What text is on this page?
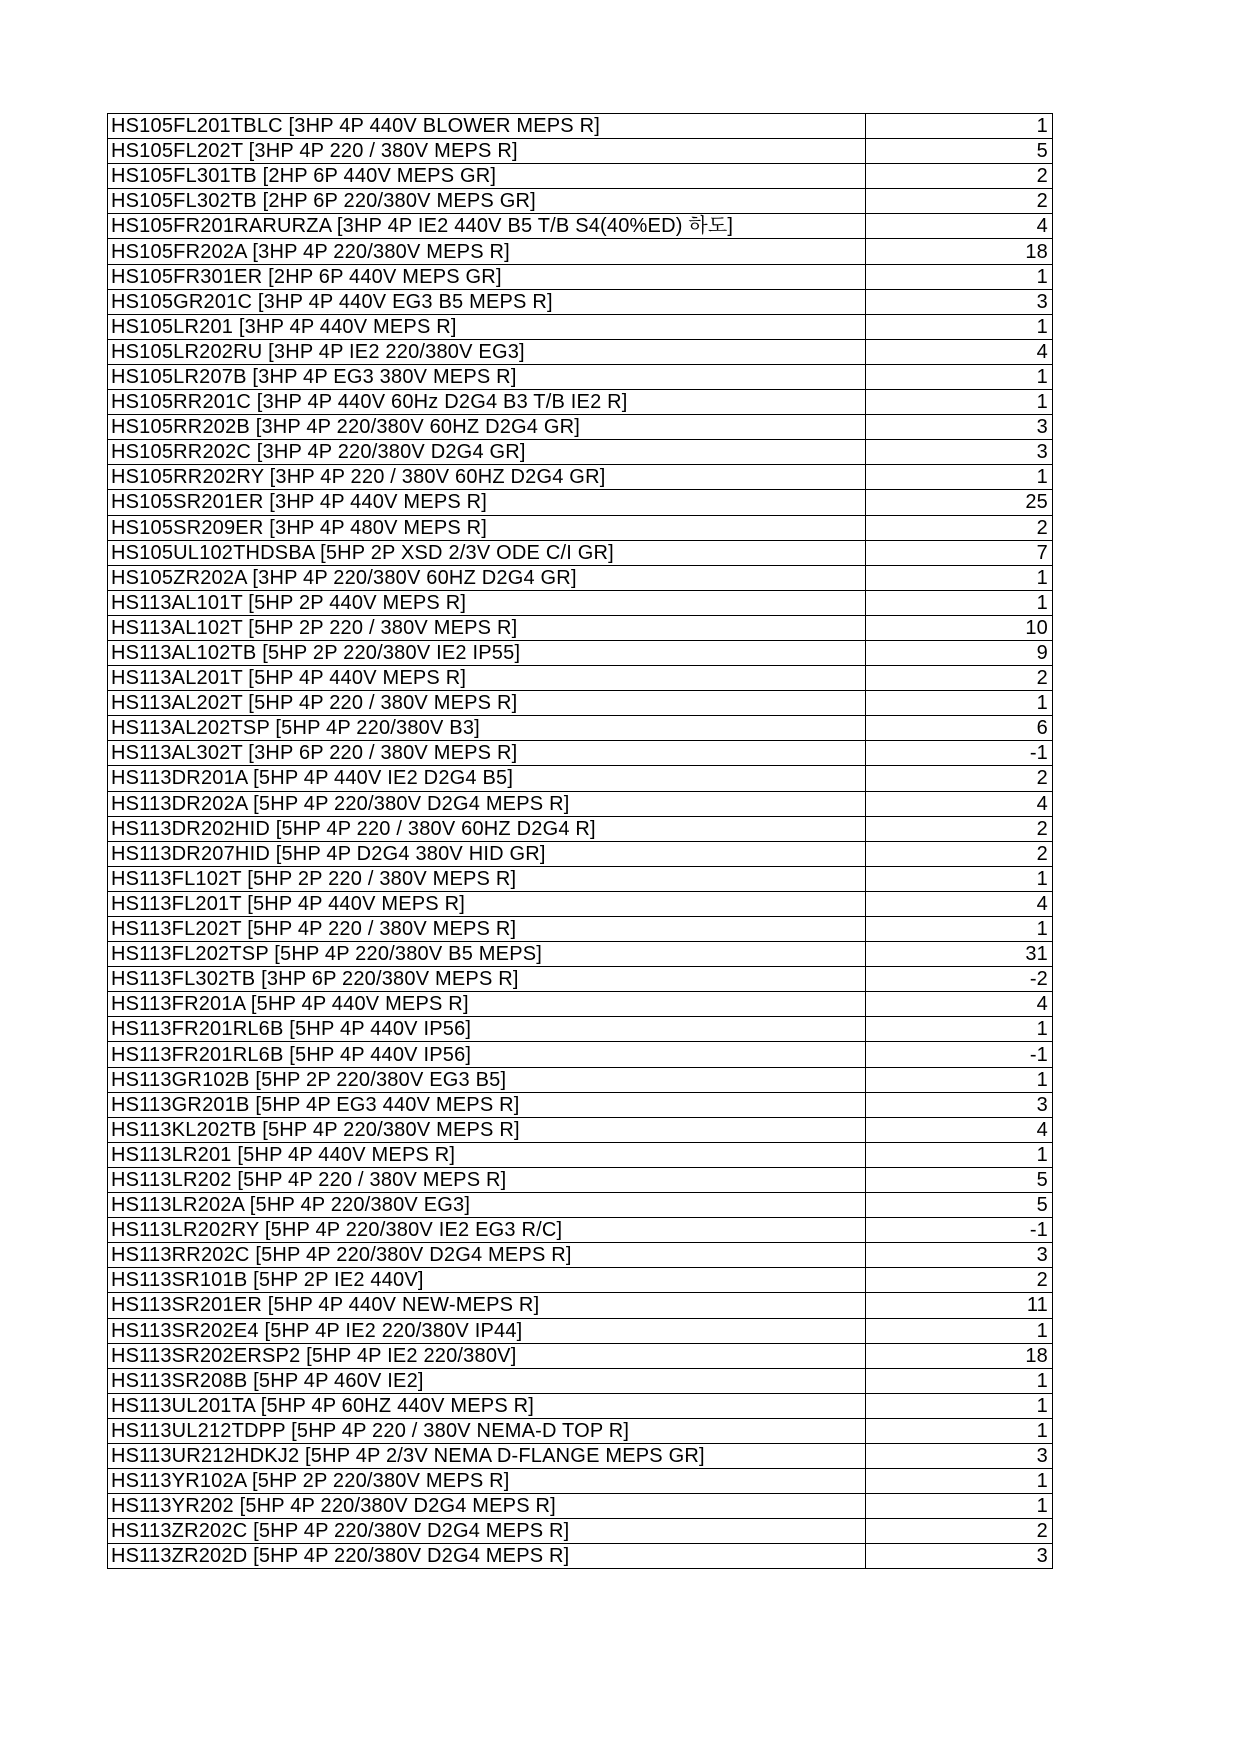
HS105FL201TBLC [3HP 4P 440V BLOWER MEPS R]	1
HS105FL202T [3HP 4P 220 / 380V MEPS R]	5
HS105FL301TB [2HP 6P 440V MEPS GR]	2
HS105FL302TB [2HP 6P 220/380V MEPS GR]	2
HS105FR201RARURZA [3HP 4P IE2 440V B5 T/B S4(40%ED) 하도]	4
HS105FR202A [3HP 4P 220/380V MEPS R]	18
HS105FR301ER [2HP 6P 440V MEPS GR]	1
HS105GR201C [3HP 4P 440V EG3 B5 MEPS R]	3
HS105LR201 [3HP 4P 440V MEPS R]	1
HS105LR202RU [3HP 4P IE2 220/380V EG3]	4
HS105LR207B [3HP 4P EG3 380V MEPS R]	1
HS105RR201C [3HP 4P 440V 60Hz D2G4 B3 T/B IE2 R]	1
HS105RR202B [3HP 4P 220/380V 60HZ D2G4 GR]	3
HS105RR202C [3HP 4P 220/380V D2G4 GR]	3
HS105RR202RY [3HP 4P 220 / 380V 60HZ D2G4 GR]	1
HS105SR201ER [3HP 4P 440V MEPS R]	25
HS105SR209ER [3HP 4P 480V MEPS R]	2
HS105UL102THDSBA [5HP 2P XSD 2/3V ODE C/I GR]	7
HS105ZR202A [3HP 4P 220/380V 60HZ D2G4 GR]	1
HS113AL101T [5HP 2P 440V MEPS R]	1
HS113AL102T [5HP 2P 220 / 380V MEPS R]	10
HS113AL102TB [5HP 2P 220/380V IE2 IP55]	9
HS113AL201T [5HP 4P 440V MEPS R]	2
HS113AL202T [5HP 4P 220 / 380V MEPS R]	1
HS113AL202TSP [5HP 4P 220/380V B3]	6
HS113AL302T [3HP 6P 220 / 380V MEPS R]	-1
HS113DR201A [5HP 4P 440V IE2 D2G4 B5]	2
HS113DR202A [5HP 4P 220/380V D2G4 MEPS R]	4
HS113DR202HID [5HP 4P 220 / 380V 60HZ D2G4 R]	2
HS113DR207HID [5HP 4P D2G4 380V HID GR]	2
HS113FL102T [5HP 2P 220 / 380V MEPS R]	1
HS113FL201T [5HP 4P 440V MEPS R]	4
HS113FL202T [5HP 4P 220 / 380V MEPS R]	1
HS113FL202TSP [5HP 4P 220/380V B5 MEPS]	31
HS113FL302TB [3HP 6P 220/380V MEPS R]	-2
HS113FR201A [5HP 4P 440V MEPS R]	4
HS113FR201RL6B [5HP 4P 440V IP56]	1
HS113FR201RL6B [5HP 4P 440V IP56]	-1
HS113GR102B [5HP 2P 220/380V EG3 B5]	1
HS113GR201B [5HP 4P EG3 440V MEPS R]	3
HS113KL202TB [5HP 4P 220/380V MEPS R]	4
HS113LR201 [5HP 4P 440V MEPS R]	1
HS113LR202 [5HP 4P 220 / 380V MEPS R]	5
HS113LR202A [5HP 4P 220/380V EG3]	5
HS113LR202RY [5HP 4P 220/380V IE2 EG3 R/C]	-1
HS113RR202C [5HP 4P 220/380V D2G4 MEPS R]	3
HS113SR101B [5HP 2P IE2 440V]	2
HS113SR201ER [5HP 4P 440V NEW-MEPS R]	11
HS113SR202E4 [5HP 4P IE2 220/380V IP44]	1
HS113SR202ERSP2 [5HP 4P IE2 220/380V]	18
HS113SR208B [5HP 4P 460V IE2]	1
HS113UL201TA [5HP 4P 60HZ 440V MEPS R]	1
HS113UL212TDPP [5HP 4P 220 / 380V NEMA-D TOP R]	1
HS113UR212HDKJ2 [5HP 4P 2/3V NEMA D-FLANGE MEPS GR]	3
HS113YR102A [5HP 2P 220/380V MEPS R]	1
HS113YR202 [5HP 4P 220/380V D2G4 MEPS R]	1
HS113ZR202C [5HP 4P 220/380V D2G4 MEPS R]	2
HS113ZR202D [5HP 4P 220/380V D2G4 MEPS R]	3
